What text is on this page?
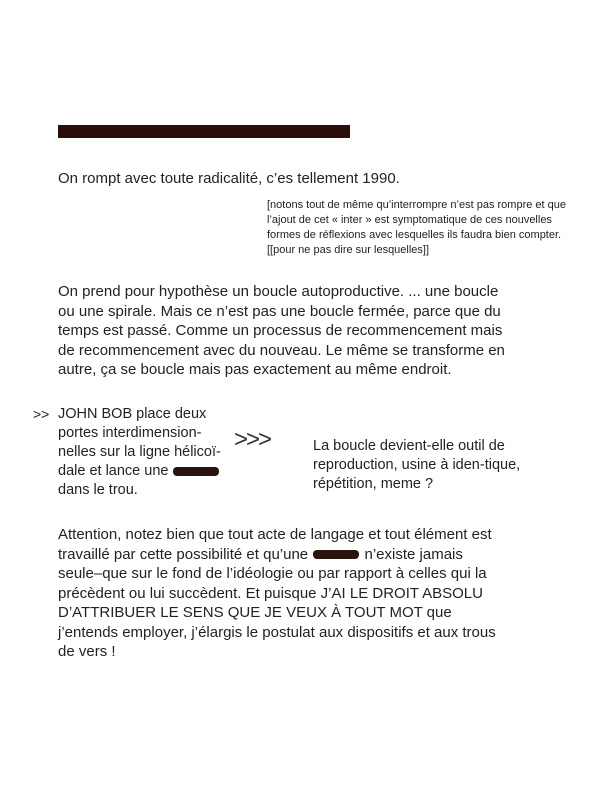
On rompt avec toute radicalité, c’es tellement 1990.

[notons tout de même qu’interrompre n’est pas rompre et que l’ajout de cet « inter » est symptomatique de ces nouvelles formes de réflexions avec lesquelles ils faudra bien compter. [[pour ne pas dire sur lesquelles]]

On prend pour hypothèse un boucle autoproductive. ... une boucle ou une spirale. Mais ce n’est pas une boucle fermée, parce que du temps est passé. Comme un processus de recommencement mais de recommencement avec du nouveau. Le même se transforme en autre, ça se boucle mais pas exactement au même endroit.

>> JOHN BOB place deux portes interdimension-nelles sur la ligne hélicoï-dale et lance une image
dans le trou.

>>>	La boucle devient-elle outil de reproduction, usine à iden-tique, répétition, meme ?

Attention, notez bien que tout acte de langage et tout élément est travaillé par cette possibilité et qu’une image n’existe jamais seule–que sur le fond de l’idéologie ou par rapport à celles qui la précèdent ou lui succèdent. Et puisque J’AI LE DROIT ABSOLU D’ATTRIBUER LE SENS QUE JE VEUX À TOUT MOT que j’entends employer, j’élargis le postulat aux dispositifs et aux trous de vers !
